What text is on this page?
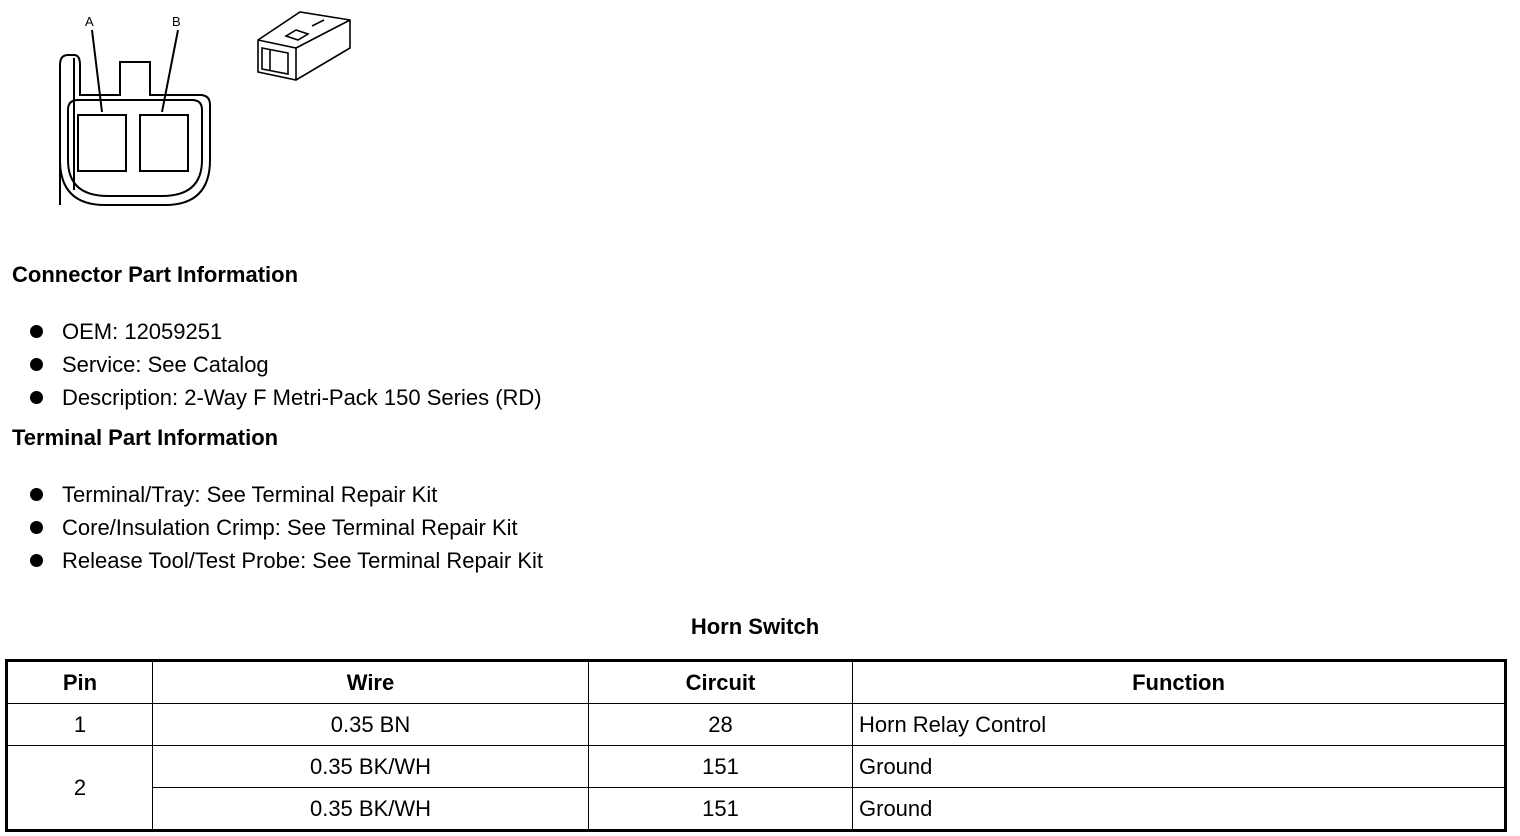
A	B
Connector Part Information
OEM: 12059251
Service: See Catalog
Description: 2-Way F Metri-Pack 150 Series (RD)
Terminal Part Information
Terminal/Tray: See Terminal Repair Kit
Core/Insulation Crimp: See Terminal Repair Kit
Release Tool/Test Probe: See Terminal Repair Kit
Horn Switch
Pin	Wire	Circuit	Function
1	0.35 BN	28	Horn Relay Control
2	0.35 BK/WH	151	Ground
	0.35 BK/WH	151	Ground
